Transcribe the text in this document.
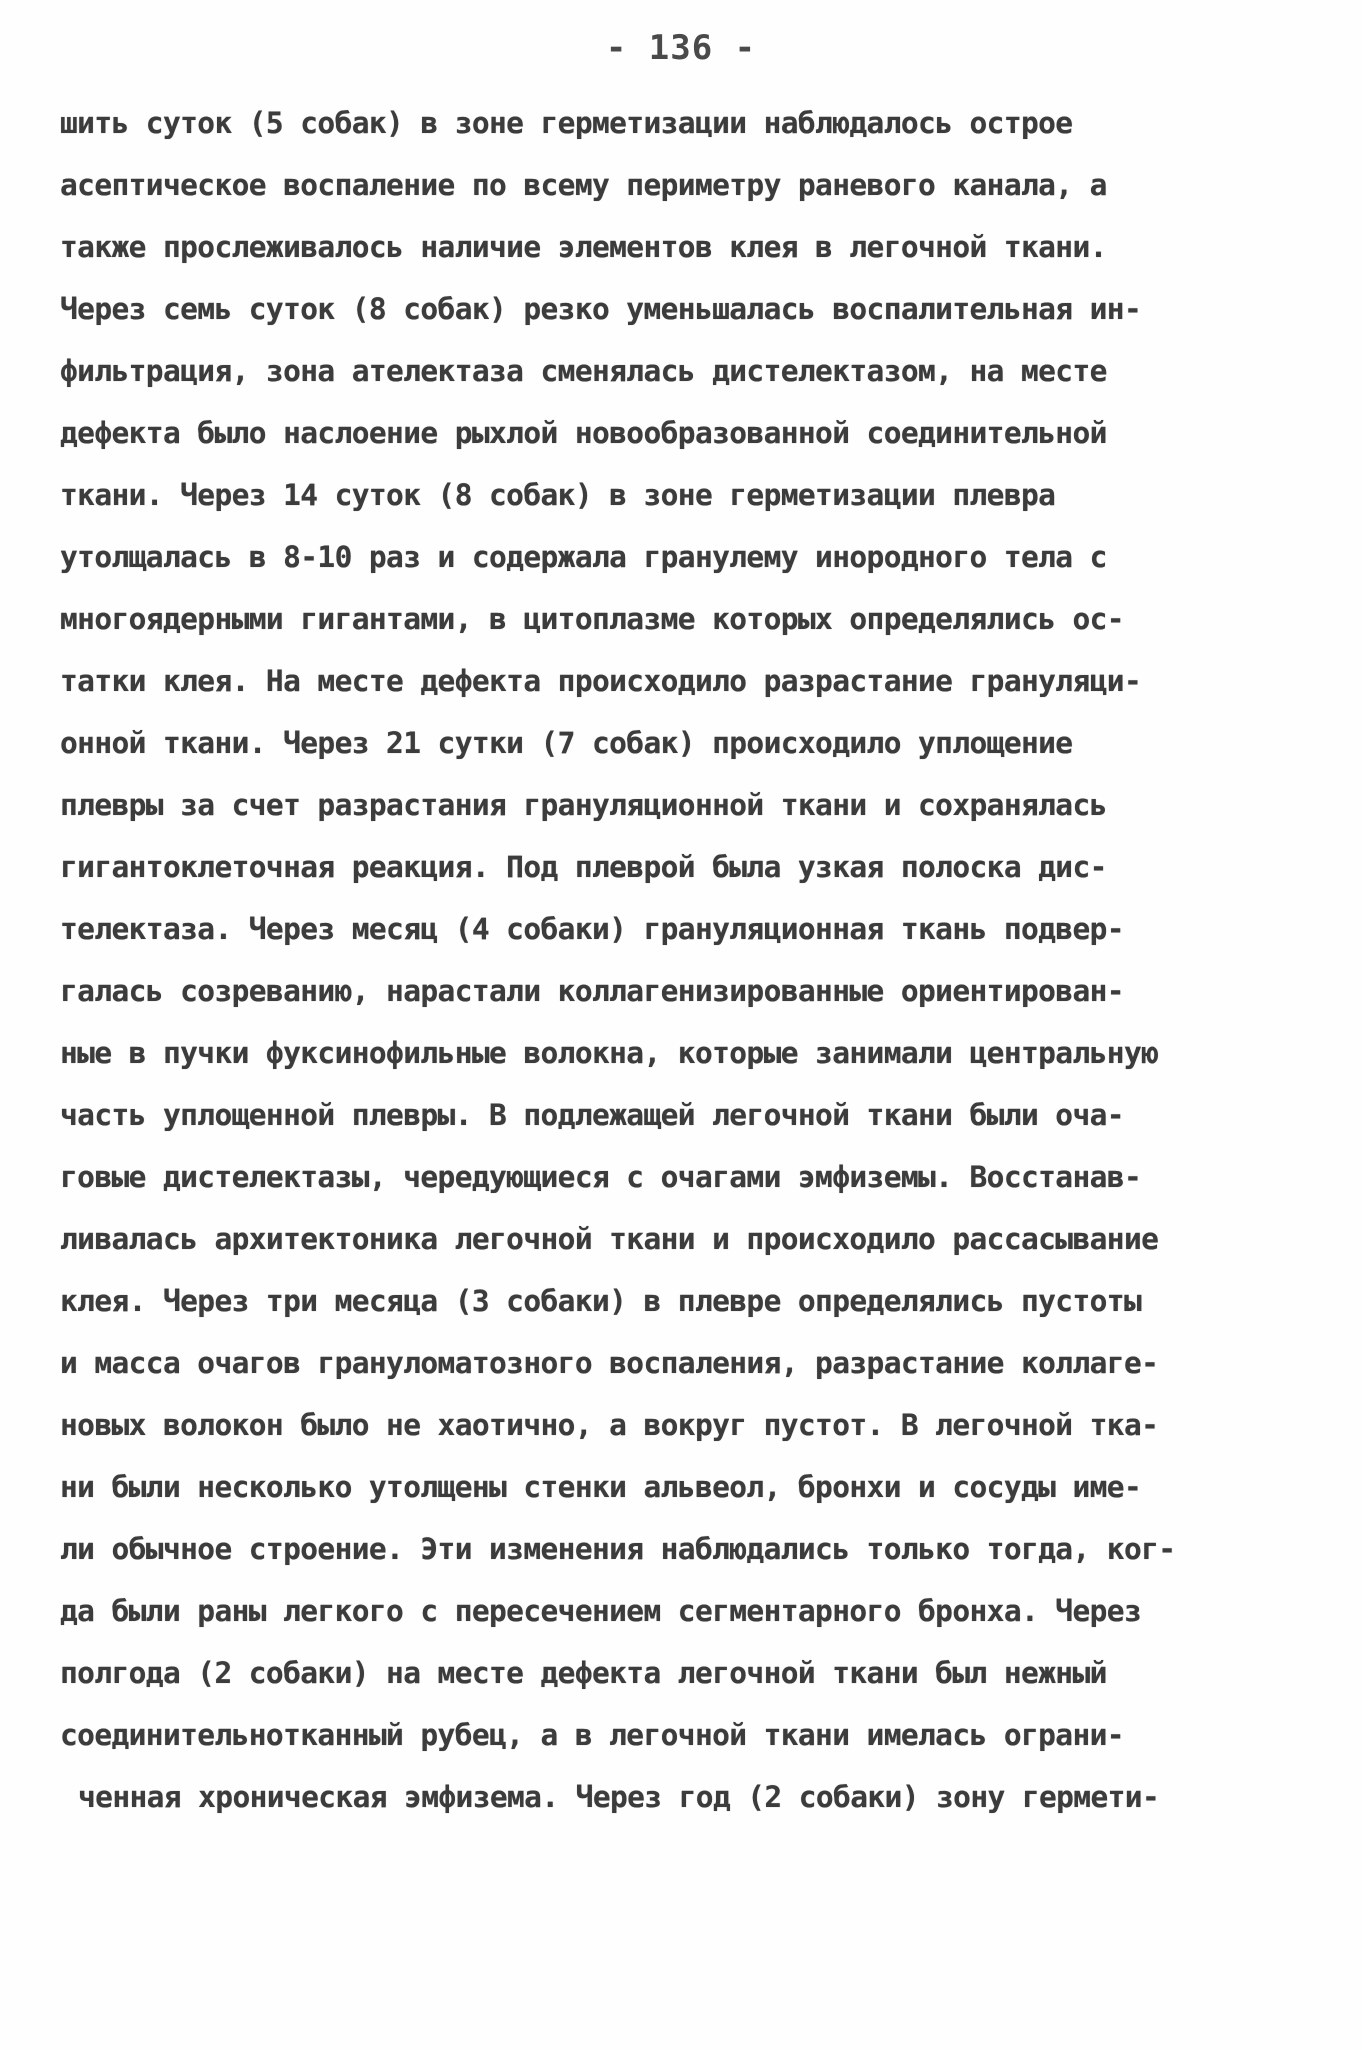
- 136 -
шить суток (5 собак) в зоне герметизации наблюдалось острое
асептическое воспаление по всему периметру раневого канала, а
также прослеживалось наличие элементов клея в легочной ткани.
Через семь суток (8 собак) резко уменьшалась воспалительная ин-
фильтрация, зона ателектаза сменялась дистелектазом, на месте
дефекта было наслоение рыхлой новообразованной соединительной
ткани. Через 14 суток (8 собак) в зоне герметизации плевра
утолщалась в 8-10 раз и содержала гранулему инородного тела с
многоядерными гигантами, в цитоплазме которых определялись ос-
татки клея. На месте дефекта происходило разрастание грануляци-
онной ткани. Через 21 сутки (7 собак) происходило уплощение
плевры за счет разрастания грануляционной ткани и сохранялась
гигантоклеточная реакция. Под плеврой была узкая полоска дис-
телектаза. Через месяц (4 собаки) грануляционная ткань подвер-
галась созреванию, нарастали коллагенизированные ориентирован-
ные в пучки фуксинофильные волокна, которые занимали центральную
часть уплощенной плевры. В подлежащей легочной ткани были оча-
говые дистелектазы, чередующиеся с очагами эмфиземы. Восстанав-
ливалась архитектоника легочной ткани и происходило рассасывание
клея. Через три месяца (3 собаки) в плевре определялись пустоты
и масса очагов грануломатозного воспаления, разрастание коллаге-
новых волокон было не хаотично, а вокруг пустот. В легочной тка-
ни были несколько утолщены стенки альвеол, бронхи и сосуды име-
ли обычное строение. Эти изменения наблюдались только тогда, ког-
да были раны легкого с пересечением сегментарного бронха. Через
полгода (2 собаки) на месте дефекта легочной ткани был нежный
соединительнотканный рубец, а в легочной ткани имелась ограни-
ченная хроническая эмфизема. Через год (2 собаки) зону гермети-
